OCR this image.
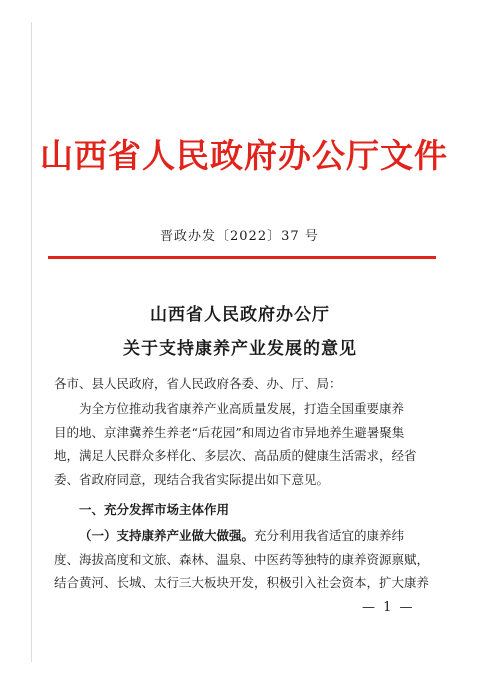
山西省人民政府办公厅文件
晋政办发〔2022〕37 号
山西省人民政府办公厅
关于支持康养产业发展的意见
各市、县人民政府，省人民政府各委、办、厅、局：
为全方位推动我省康养产业高质量发展，打造全国重要康养
目的地、京津冀养生养老“后花园”和周边省市异地养生避暑聚集
地，满足人民群众多样化、多层次、高品质的健康生活需求，经省
委、省政府同意，现结合我省实际提出如下意见。
一、充分发挥市场主体作用
（一）支持康养产业做大做强。充分利用我省适宜的康养纬
度、海拔高度和文旅、森林、温泉、中医药等独特的康养资源禀赋，
结合黄河、长城、太行三大板块开发，积极引入社会资本，扩大康养
— 1 —
